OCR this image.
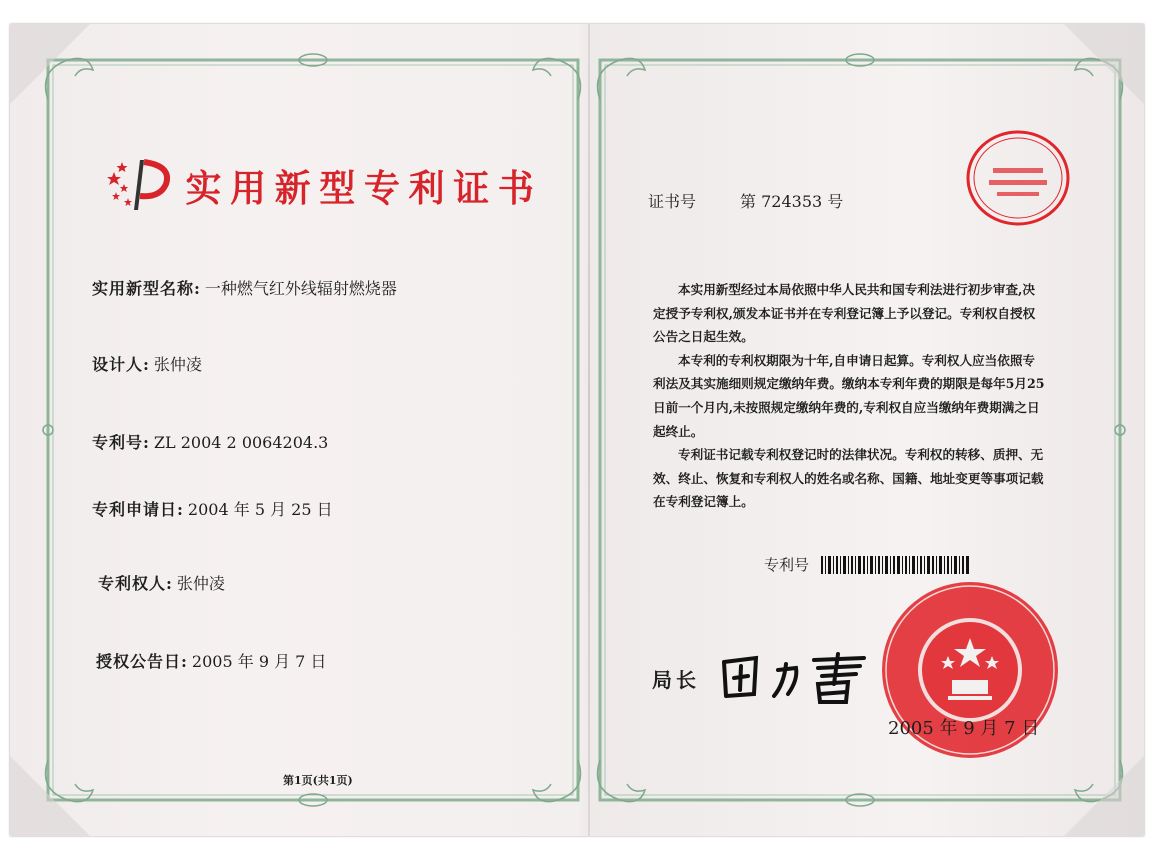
实用新型专利证书
实用新型名称: 一种燃气红外线辐射燃烧器
设计人: 张仲凌
专利号: ZL 2004 2 0064204.3
专利申请日: 2004 年 5 月 25 日
专利权人: 张仲凌
授权公告日: 2005 年 9 月 7 日
第1页(共1页)
证书号	第 724353 号

本实用新型经过本局依照中华人民共和国专利法进行初步审查,决定授予专利权,颁发本证书并在专利登记簿上予以登记。专利权自授权公告之日起生效。

本专利的专利权期限为十年,自申请日起算。专利权人应当依照专利法及其实施细则规定缴纳年费。缴纳本专利年费的期限是每年5月25日前一个月内,未按照规定缴纳年费的,专利权自应当缴纳年费期满之日起终止。

专利证书记载专利权登记时的法律状况。专利权的转移、质押、无效、终止、恢复和专利权人的姓名或名称、国籍、地址变更等事项记载在专利登记簿上。

专利号
局长
2005 年 9 月 7 日
